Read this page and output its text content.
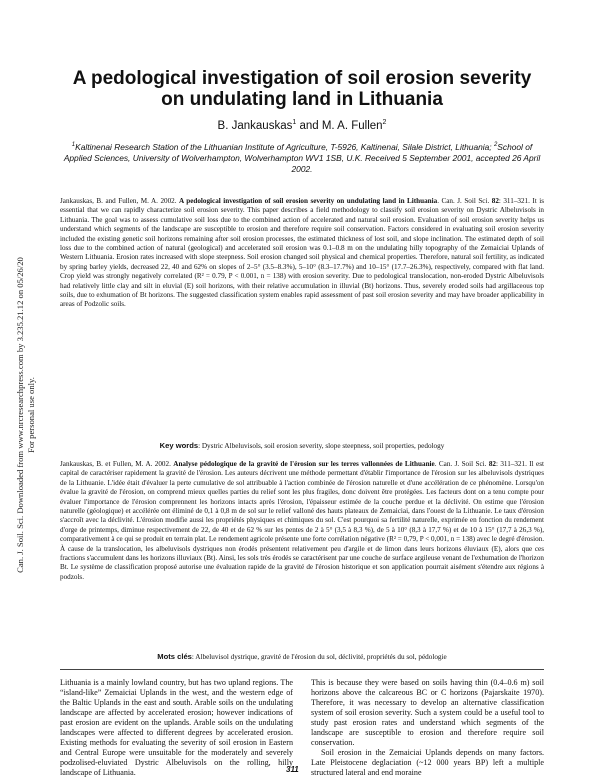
Can. J. Soil. Sci. Downloaded from www.nrcresearchpress.com by 3.235.21.12 on 05/26/20 For personal use only.
A pedological investigation of soil erosion severity on undulating land in Lithuania
B. Jankauskas$^1$ and M. A. Fullen$^2$
$^1$Kaltinenai Research Station of the Lithuanian Institute of Agriculture, T-5926, Kaltinenai, Silale District, Lithuania; $^2$School of Applied Sciences, University of Wolverhampton, Wolverhampton WV1 1SB, U.K. Received 5 September 2001, accepted 26 April 2002.
Jankauskas, B. and Fullen, M. A. 2002. A pedological investigation of soil erosion severity on undulating land in Lithuania. Can. J. Soil Sci. 82: 311–321. It is essential that we can rapidly characterize soil erosion severity. This paper describes a field methodology to classify soil erosion severity on Dystric Albeluvisols in Lithuania. The goal was to assess cumulative soil loss due to the combined action of accelerated and natural soil erosion. Evaluation of soil erosion severity helps us understand which segments of the landscape are susceptible to erosion and therefore require soil conservation. Factors considered in evaluating soil erosion severity included the existing genetic soil horizons remaining after soil erosion processes, the estimated thickness of lost soil, and slope inclination. The estimated depth of soil loss due to the combined action of natural (geological) and accelerated soil erosion was 0.1–0.8 m on the undulating hilly topography of the Zemaiciai Uplands of Western Lithuania. Erosion rates increased with slope steepness. Soil erosion changed soil physical and chemical properties. Therefore, natural soil fertility, as indicated by spring barley yields, decreased 22, 40 and 62% on slopes of 2–5° (3.5–8.3%), 5–10° (8.3–17.7%) and 10–15° (17.7–26.3%), respectively, compared with flat land. Crop yield was strongly negatively correlated (R² = 0.79, P < 0.001, n = 138) with erosion severity. Due to pedological translocation, non-eroded Dystric Albeluvisols had relatively little clay and silt in eluvial (E) soil horizons, with their relative accumulation in illuvial (Bt) horizons. Thus, severely eroded soils had argillaceous top soils, due to exhumation of Bt horizons. The suggested classification system enables rapid assessment of past soil erosion severity and may have broader applicability in areas of Podzolic soils.
Key words: Dystric Albeluvisols, soil erosion severity, slope steepness, soil properties, pedology
Jankauskas, B. et Fullen, M. A. 2002. Analyse pédologique de la gravité de l'érosion sur les terres vallonnées de Lithuanie. Can. J. Soil Sci. 82: 311–321. Il est capital de caractériser rapidement la gravité de l'érosion. Les auteurs décrivent une méthode permettant d'établir l'importance de l'érosion sur les albeluvisols dystriques de la Lithuanie. L'idée était d'évaluer la perte cumulative de sol attribuable à l'action combinée de l'érosion naturelle et d'une accélération de ce phénomène. Lorsqu'on évalue la gravité de l'érosion, on comprend mieux quelles parties du relief sont les plus fragiles, donc doivent être protégées. Les facteurs dont on a tenu compte pour évaluer l'importance de l'érosion comprennent les horizons intacts après l'érosion, l'épaisseur estimée de la couche perdue et la déclivité. On estime que l'érosion naturelle (géologique) et accélérée ont éliminé de 0,1 à 0,8 m de sol sur le relief valloné des hauts plateaux de Zemaiciai, dans l'ouest de la Lithuanie. Le taux d'érosion s'accroît avec la déclivité. L'érosion modifie aussi les propriétés physiques et chimiques du sol. C'est pourquoi sa fertilité naturelle, exprimée en fonction du rendement d'orge de printemps, diminue respectivement de 22, de 40 et de 62 % sur les pentes de 2 à 5° (3,5 à 8,3 %), de 5 à 10° (8,3 à 17,7 %) et de 10 à 15° (17,7 à 26,3 %), comparativement à ce qui se produit en terrain plat. Le rendement agricole présente une forte corrélation négative (R² = 0,79, P < 0,001, n = 138) avec le degré d'érosion. À cause de la translocation, les albeluvisols dystriques non érodés présentent relativement peu d'argile et de limon dans leurs horizons éluviaux (E), alors que ces fractions s'accumulent dans les horizons illuviaux (Bt). Ainsi, les sols très érodés se caractérisent par une couche de surface argileuse venant de l'exhumation de l'horizon Bt. Le système de classification proposé autorise une évaluation rapide de la gravité de l'érosion historique et son application pourrait aisément s'étendre aux régions à podzols.
Mots clés: Albeluvisol dystrique, gravité de l'érosion du sol, déclivité, propriétés du sol, pédologie

Lithuania is a mainly lowland country, but has two upland regions. The “island-like” Zemaiciai Uplands in the west, and the western edge of the Baltic Uplands in the east and south. Arable soils on the undulating landscape are affected by accelerated erosion; however indications of past erosion are evident on the uplands. Arable soils on the undulating landscapes were affected to different degrees by accelerated erosion. Existing methods for evaluating the severity of soil erosion in Eastern and Central Europe were unsuitable for the moderately and severely podzolised-eluviated Dystric Albeluvisols on the rolling, hilly landscape of Lithuania.

This is because they were based on soils having thin (0.4–0.6 m) soil horizons above the calcareous BC or C horizons (Pajarskaite 1970). Therefore, it was necessary to develop an alternative classification system of soil erosion severity. Such a system could be a useful tool to study past erosion rates and understand which segments of the landscape are susceptible to erosion and therefore require soil conservation.

Soil erosion in the Zemaiciai Uplands depends on many factors. Late Pleistocene deglaciation (~12 000 years BP) left a multiple structured lateral and end moraine

311
